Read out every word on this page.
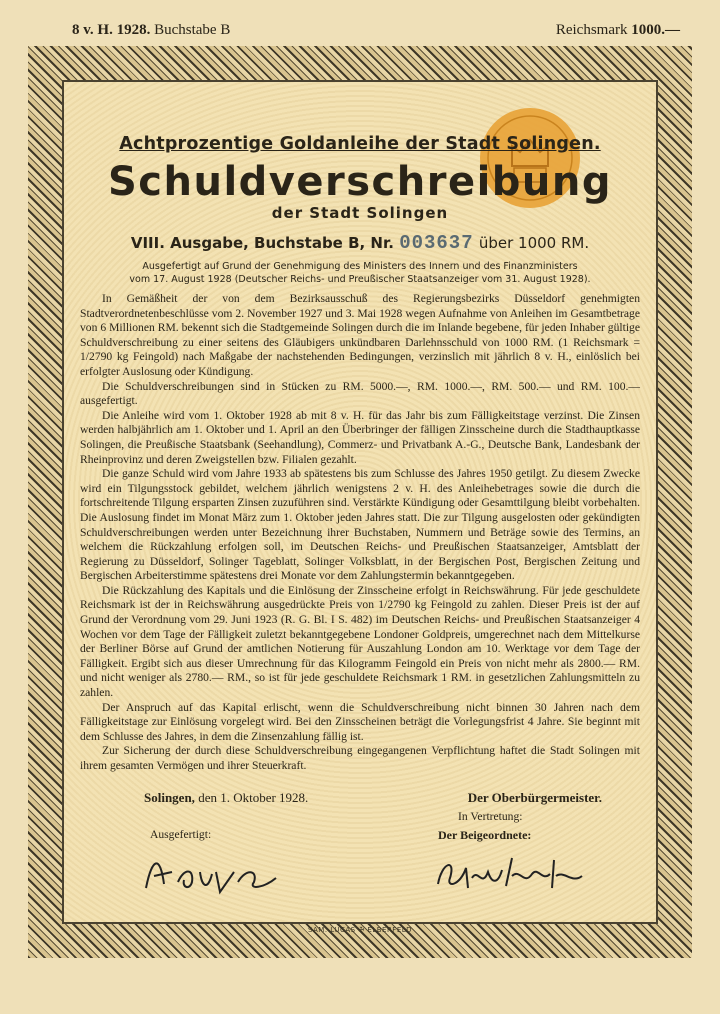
8 v. H. 1928. Buchstabe B	Reichsmark 1000.—
Achtprozentige Goldanleihe der Stadt Solingen.
Schuldverschreibung
der Stadt Solingen
VIII. Ausgabe, Buchstabe B, Nr. 003637 über 1000 RM.
Ausgefertigt auf Grund der Genehmigung des Ministers des Innern und des Finanzministers
vom 17. August 1928 (Deutscher Reichs- und Preußischer Staatsanzeiger vom 31. August 1928).

In Gemäßheit der von dem Bezirksausschuß des Regierungsbezirks Düsseldorf genehmigten Stadtverordnetenbeschlüsse vom 2. November 1927 und 3. Mai 1928 wegen Aufnahme von Anleihen im Gesamtbetrage von 6 Millionen RM. bekennt sich die Stadtgemeinde Solingen durch die im Inlande begebene, für jeden Inhaber gültige Schuldverschreibung zu einer seitens des Gläubigers unkündbaren Darlehnsschuld von 1000 RM. (1 Reichsmark = 1/2790 kg Feingold) nach Maßgabe der nachstehenden Bedingungen, verzinslich mit jährlich 8 v. H., einlöslich bei erfolgter Auslosung oder Kündigung.

Die Schuldverschreibungen sind in Stücken zu RM. 5000.—, RM. 1000.—, RM. 500.— und RM. 100.— ausgefertigt.

Die Anleihe wird vom 1. Oktober 1928 ab mit 8 v. H. für das Jahr bis zum Fälligkeitstage verzinst. Die Zinsen werden halbjährlich am 1. Oktober und 1. April an den Überbringer der fälligen Zinsscheine durch die Stadthauptkasse Solingen, die Preußische Staatsbank (Seehandlung), Commerz- und Privatbank A.-G., Deutsche Bank, Landesbank der Rheinprovinz und deren Zweigstellen bzw. Filialen gezahlt.

Die ganze Schuld wird vom Jahre 1933 ab spätestens bis zum Schlusse des Jahres 1950 getilgt. Zu diesem Zwecke wird ein Tilgungsstock gebildet, welchem jährlich wenigstens 2 v. H. des Anleihebetrages sowie die durch die fortschreitende Tilgung ersparten Zinsen zuzuführen sind. Verstärkte Kündigung oder Gesamttilgung bleibt vorbehalten. Die Auslosung findet im Monat März zum 1. Oktober jeden Jahres statt. Die zur Tilgung ausgelosten oder gekündigten Schuldverschreibungen werden unter Bezeichnung ihrer Buchstaben, Nummern und Beträge sowie des Termins, an welchem die Rückzahlung erfolgen soll, im Deutschen Reichs- und Preußischen Staatsanzeiger, Amtsblatt der Regierung zu Düsseldorf, Solinger Tageblatt, Solinger Volksblatt, in der Bergischen Post, Bergischen Zeitung und Bergischen Arbeiterstimme spätestens drei Monate vor dem Zahlungstermin bekanntgegeben.

Die Rückzahlung des Kapitals und die Einlösung der Zinsscheine erfolgt in Reichswährung. Für jede geschuldete Reichsmark ist der in Reichswährung ausgedrückte Preis von 1/2790 kg Feingold zu zahlen. Dieser Preis ist der auf Grund der Verordnung vom 29. Juni 1923 (R. G. Bl. I S. 482) im Deutschen Reichs- und Preußischen Staatsanzeiger 4 Wochen vor dem Tage der Fälligkeit zuletzt bekanntgegebene Londoner Goldpreis, umgerechnet nach dem Mittelkurse der Berliner Börse auf Grund der amtlichen Notierung für Auszahlung London am 10. Werktage vor dem Tage der Fälligkeit. Ergibt sich aus dieser Umrechnung für das Kilogramm Feingold ein Preis von nicht mehr als 2800.— RM. und nicht weniger als 2780.— RM., so ist für jede geschuldete Reichsmark 1 RM. in gesetzlichen Zahlungsmitteln zu zahlen.

Der Anspruch auf das Kapital erlischt, wenn die Schuldverschreibung nicht binnen 30 Jahren nach dem Fälligkeitstage zur Einlösung vorgelegt wird. Bei den Zinsscheinen beträgt die Vorlegungsfrist 4 Jahre. Sie beginnt mit dem Schlusse des Jahres, in dem die Zinsenzahlung fällig ist.

Zur Sicherung der durch diese Schuldverschreibung eingegangenen Verpflichtung haftet die Stadt Solingen mit ihrem gesamten Vermögen und ihrer Steuerkraft.

Solingen, den 1. Oktober 1928.	Der Oberbürgermeister.
In Vertretung:
Der Beigeordnete:
Ausgefertigt:
SAM. LUCAS ✠ ELBERFELD
